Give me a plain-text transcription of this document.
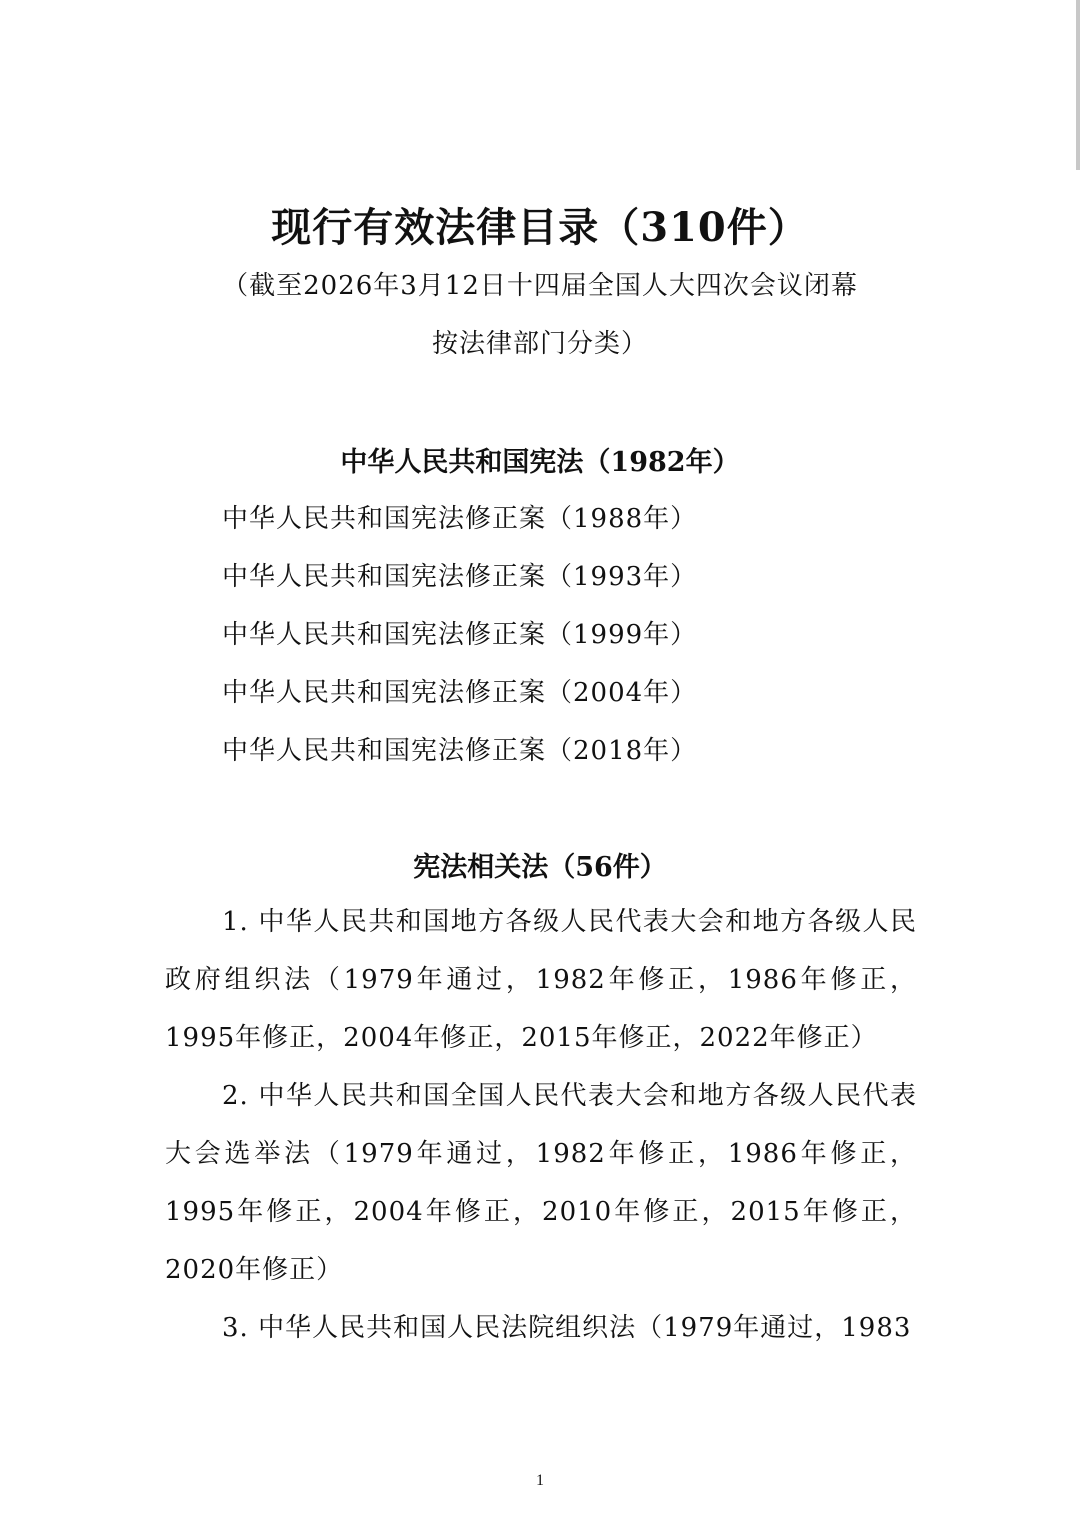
现行有效法律目录（310件）
（截至2026年3月12日十四届全国人大四次会议闭幕
按法律部门分类）
中华人民共和国宪法（1982年）
中华人民共和国宪法修正案（1988年）
中华人民共和国宪法修正案（1993年）
中华人民共和国宪法修正案（1999年）
中华人民共和国宪法修正案（2004年）
中华人民共和国宪法修正案（2018年）
宪法相关法（56件）
1. 中华人民共和国地方各级人民代表大会和地方各级人民政府组织法（1979年通过，1982年修正，1986年修正，1995年修正，2004年修正，2015年修正，2022年修正）
2. 中华人民共和国全国人民代表大会和地方各级人民代表大会选举法（1979年通过，1982年修正，1986年修正，1995年修正，2004年修正，2010年修正，2015年修正，2020年修正）
3. 中华人民共和国人民法院组织法（1979年通过，1983
1
